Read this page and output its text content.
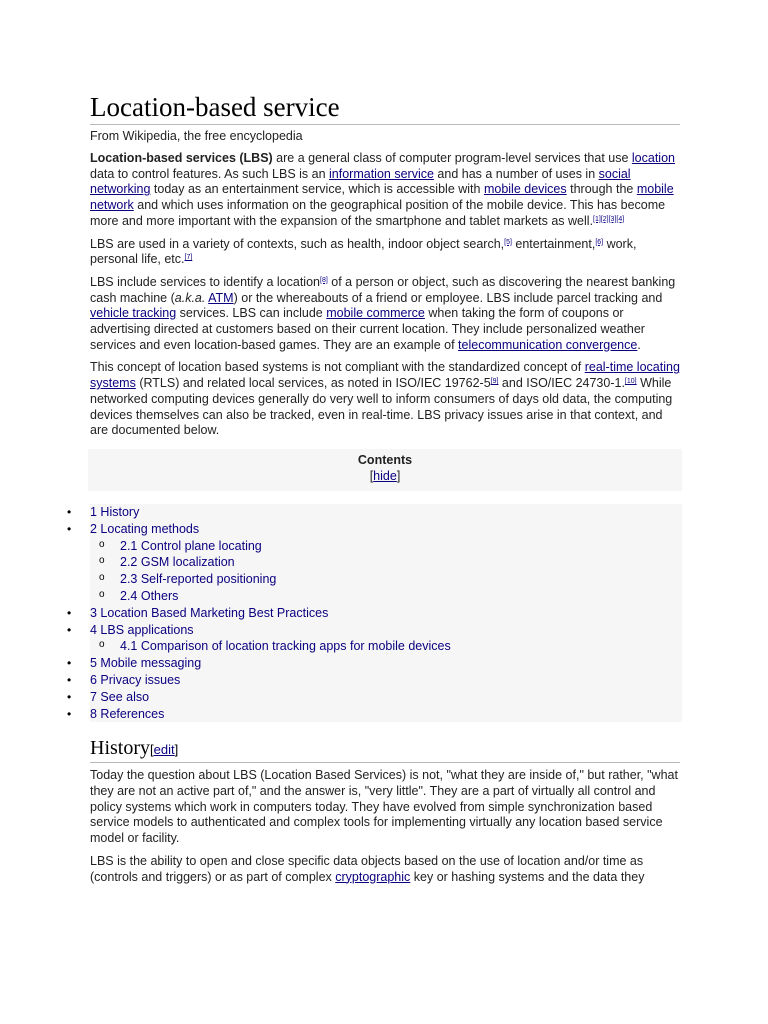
Location-based service
From Wikipedia, the free encyclopedia

Location-based services (LBS) are a general class of computer program-level services that use location data to control features. As such LBS is an information service and has a number of uses in social networking today as an entertainment service, which is accessible with mobile devices through the mobile network and which uses information on the geographical position of the mobile device. This has become more and more important with the expansion of the smartphone and tablet markets as well.[1][2][3][4]

LBS are used in a variety of contexts, such as health, indoor object search,[5] entertainment,[6] work, personal life, etc.[7]

LBS include services to identify a location[8] of a person or object, such as discovering the nearest banking cash machine (a.k.a. ATM) or the whereabouts of a friend or employee. LBS include parcel tracking and vehicle tracking services. LBS can include mobile commerce when taking the form of coupons or advertising directed at customers based on their current location. They include personalized weather services and even location-based games. They are an example of telecommunication convergence.

This concept of location based systems is not compliant with the standardized concept of real-time locating systems (RTLS) and related local services, as noted in ISO/IEC 19762-5[9] and ISO/IEC 24730-1.[10] While networked computing devices generally do very well to inform consumers of days old data, the computing devices themselves can also be tracked, even in real-time. LBS privacy issues arise in that context, and are documented below.

Contents
[hide]
• 1 History
• 2 Locating methods
o 2.1 Control plane locating
o 2.2 GSM localization
o 2.3 Self-reported positioning
o 2.4 Others
• 3 Location Based Marketing Best Practices
• 4 LBS applications
o 4.1 Comparison of location tracking apps for mobile devices
• 5 Mobile messaging
• 6 Privacy issues
• 7 See also
• 8 References
History[edit]

Today the question about LBS (Location Based Services) is not, "what they are inside of," but rather, "what they are not an active part of," and the answer is, "very little". They are a part of virtually all control and policy systems which work in computers today. They have evolved from simple synchronization based service models to authenticated and complex tools for implementing virtually any location based service model or facility.

LBS is the ability to open and close specific data objects based on the use of location and/or time as (controls and triggers) or as part of complex cryptographic key or hashing systems and the data they
